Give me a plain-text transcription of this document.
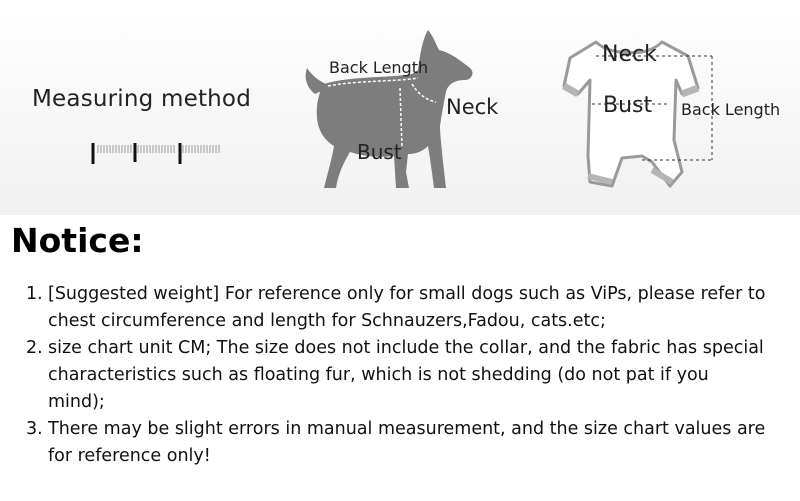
Measuring method
Back Length
Neck
Bust
Neck
Bust Back Length
Notice:
1. [Suggested weight] For reference only for small dogs such as ViPs, please refer to chest circumference and length for Schnauzers,Fadou, cats.etc;
2. size chart unit CM; The size does not include the collar, and the fabric has special characteristics such as floating fur, which is not shedding (do not pat if you mind);
3. There may be slight errors in manual measurement, and the size chart values are for reference only!
